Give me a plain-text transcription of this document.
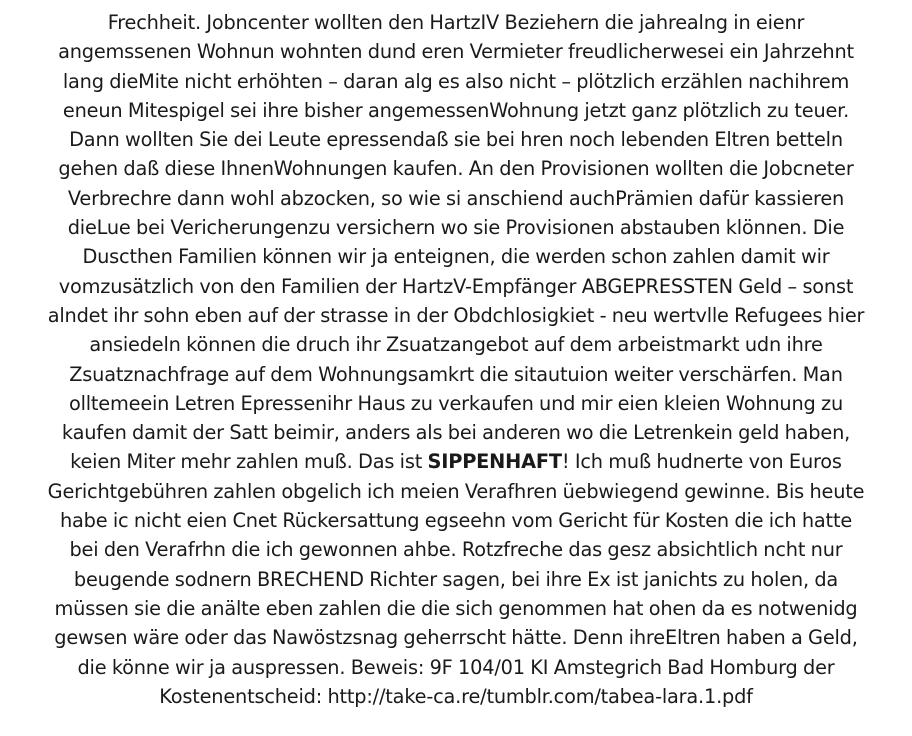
Frechheit. Jobncenter wollten den HartzIV Beziehern die jahrealng in eienr
angemssenen Wohnun wohnten dund eren Vermieter freudlicherwesei ein Jahrzehnt
lang dieMite nicht erhöhten – daran alg es also nicht – plötzlich erzählen nachihrem
eneun Mitespigel sei ihre bisher angemessenWohnung jetzt ganz plötzlich zu teuer.
Dann wollten Sie dei Leute epressendaß sie bei hren noch lebenden Eltren betteln
gehen daß diese IhnenWohnungen kaufen. An den Provisionen wollten die Jobcneter
Verbrechre dann wohl abzocken, so wie si anschiend auchPrämien dafür kassieren
dieLue bei Vericherungenzu versichern wo sie Provisionen abstauben klönnen. Die
Duscthen Familien können wir ja enteignen, die werden schon zahlen damit wir
vomzusätzlich von den Familien der HartzV-Empfänger ABGEPRESSTEN Geld – sonst
alndet ihr sohn eben auf der strasse in der Obdchlosigkiet - neu wertvlle Refugees hier
ansiedeln können die druch ihr Zsuatzangebot auf dem arbeistmarkt udn ihre
Zsuatznachfrage auf dem Wohnungsamkrt die sitautuion weiter verschärfen. Man
olltemeein Letren Epressenihr Haus zu verkaufen und mir eien kleien Wohnung zu
kaufen damit der Satt beimir, anders als bei anderen wo die Letrenkein geld haben,
keien Miter mehr zahlen muß. Das ist SIPPENHAFT! Ich muß hudnerte von Euros
Gerichtgebühren zahlen obgelich ich meien Verafhren üebwiegend gewinne. Bis heute
habe ic nicht eien Cnet Rückersattung egseehn vom Gericht für Kosten die ich hatte
bei den Verafrhn die ich gewonnen ahbe. Rotzfreche das gesz absichtlich ncht nur
beugende sodnern BRECHEND Richter sagen, bei ihre Ex ist janichts zu holen, da
müssen sie die anälte eben zahlen die die sich genommen hat ohen da es notwenidg
gewsen wäre oder das Nawöstzsnag geherrscht hätte. Denn ihreEltren haben a Geld,
die könne wir ja auspressen. Beweis: 9F 104/01 KI Amstegrich Bad Homburg der
Kostenentscheid: http://take-ca.re/tumblr.com/tabea-lara.1.pdf
